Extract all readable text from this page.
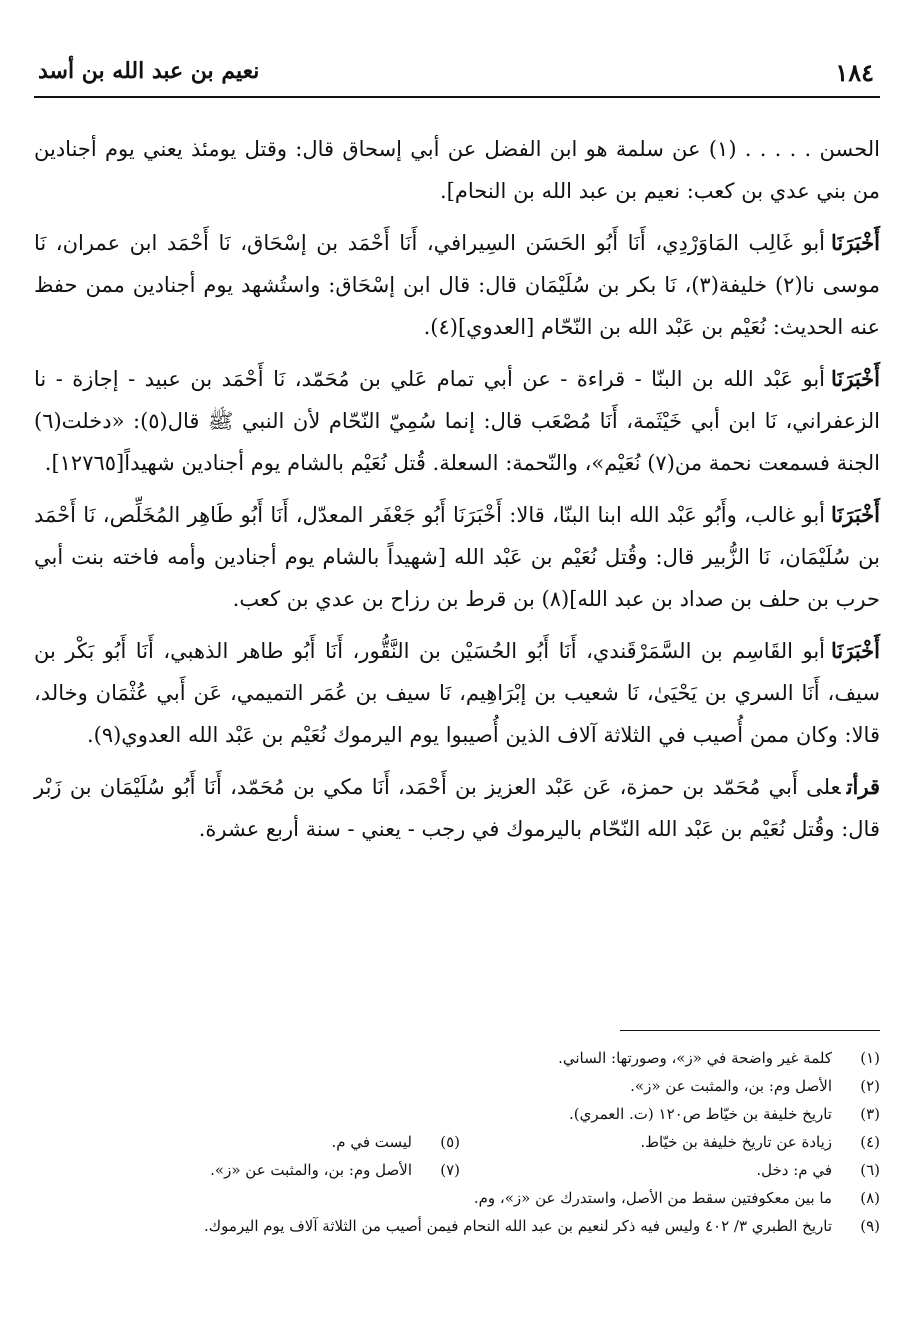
١٨٤
نعيم بن عبد الله بن أسد

الحسن . . . . . (١) عن سلمة هو ابن الفضل عن أبي إسحاق قال: وقتل يومئذ يعني يوم أجنادين من بني عدي بن كعب: نعيم بن عبد الله بن النحام].

أَخْبَرَنَاأبو غَالِب المَاوَرْدِي، أَنَا أَبُو الحَسَن السِيرافي، أَنَا أَحْمَد بن إسْحَاق، نَا أَحْمَد ابن عمران، نَا موسى نا(٢) خليفة(٣)، نَا بكر بن سُلَيْمَان قال: قال ابن إسْحَاق: واستُشهد يوم أجنادين ممن حفظ عنه الحديث: نُعَيْم بن عَبْد الله بن النّحّام [العدوي](٤).

أَخْبَرَنَاأبو عَبْد الله بن البنّا - قراءة - عن أبي تمام عَلي بن مُحَمّد، نَا أَحْمَد بن عبيد - إجازة - نا الزعفراني، نَا ابن أبي خَيْثَمة، أَنَا مُصْعَب قال: إنما سُمِيّ النّحّام لأن النبي ﷺ قال(٥): «دخلت(٦) الجنة فسمعت نحمة من(٧) نُعَيْم»، والنّحمة: السعلة. قُتل نُعَيْم بالشام يوم أجنادين شهيداً[١٢٧٦٥].

أَخْبَرَنَاأبو غالب، وأَبُو عَبْد الله ابنا البنّا، قالا: أَخْبَرَنَا أَبُو جَعْفَر المعدّل، أَنَا أَبُو طَاهِر المُخَلِّص، نَا أَحْمَد بن سُلَيْمَان، نَا الزُّبير قال: وقُتل نُعَيْم بن عَبْد الله [شهيداً بالشام يوم أجنادين وأمه فاخته بنت أبي حرب بن حلف بن صداد بن عبد الله](٨) بن قرط بن رزاح بن عدي بن كعب.

أَخْبَرَنَاأبو القَاسِم بن السَّمَرْقَندي، أَنَا أَبُو الحُسَيْن بن النَّقُّور، أَنَا أَبُو طاهر الذهبي، أَنَا أَبُو بَكْر بن سيف، أَنَا السري بن يَحْيَىٰ، نَا شعيب بن إبْرَاهِيم، نَا سيف بن عُمَر التميمي، عَن أَبي عُثْمَان وخالد، قالا: وكان ممن أُصيب في الثلاثة آلاف الذين أُصيبوا يوم اليرموك نُعَيْم بن عَبْد الله العدوي(٩).

قرأتعلى أَبي مُحَمّد بن حمزة، عَن عَبْد العزيز بن أَحْمَد، أَنَا مكي بن مُحَمّد، أَنَا أَبُو سُلَيْمَان بن زَبْر قال: وقُتل نُعَيْم بن عَبْد الله النّحّام باليرموك في رجب - يعني - سنة أربع عشرة.

(١)
كلمة غير واضحة في «ز»، وصورتها: الساني.
(٢)
الأصل وم: بن، والمثبت عن «ز».
(٣)
تاريخ خليفة بن خيّاط ص١٢٠ (ت. العمري).
(٤)
زيادة عن تاريخ خليفة بن خيّاط.
(٥)
ليست في م.
(٦)
في م: دخل.
(٧)
الأصل وم: بن، والمثبت عن «ز».
(٨)
ما بين معكوفتين سقط من الأصل، واستدرك عن «ز»، وم.
(٩)
تاريخ الطبري ٣/ ٤٠٢ وليس فيه ذكر لنعيم بن عبد الله النحام فيمن أصيب من الثلاثة آلاف يوم اليرموك.
